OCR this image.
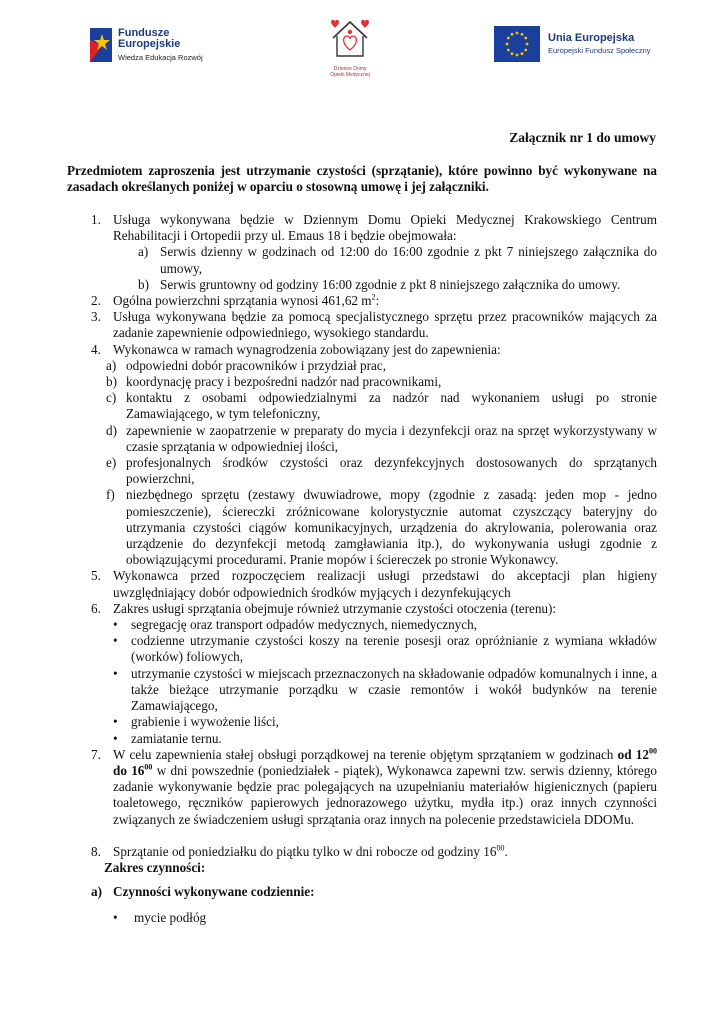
Fundusze
Europejskie
Wiedza Edukacja Rozwój
Dzienne Domy
Opieki Medycznej
Unia Europejska
Europejski Fundusz Społeczny
Załącznik nr 1 do umowy
Przedmiotem zaproszenia jest utrzymanie czystości (sprzątanie), które powinno być wykonywane na zasadach określanych poniżej w oparciu o stosowną umowę i jej załączniki.
1. Usługa wykonywana będzie w Dziennym Domu Opieki Medycznej Krakowskiego Centrum Rehabilitacji i Ortopedii przy ul. Emaus 18 i będzie obejmowała:
a) Serwis dzienny w godzinach od 12:00 do 16:00 zgodnie z pkt 7 niniejszego załącznika do umowy,
b) Serwis gruntowny od godziny 16:00 zgodnie z pkt 8 niniejszego załącznika do umowy.
2. Ogólna powierzchni sprzątania wynosi 461,62 $m^2$:
3. Usługa wykonywana będzie za pomocą specjalistycznego sprzętu przez pracowników mających za zadanie zapewnienie odpowiedniego, wysokiego standardu.
4. Wykonawca w ramach wynagrodzenia zobowiązany jest do zapewnienia:
a) odpowiedni dobór pracowników i przydział prac,
b) koordynację pracy i bezpośredni nadzór nad pracownikami,
c) kontaktu z osobami odpowiedzialnymi za nadzór nad wykonaniem usługi po stronie Zamawiającego, w tym telefoniczny,
d) zapewnienie w zaopatrzenie w preparaty do mycia i dezynfekcji oraz na sprzęt wykorzystywany w czasie sprzątania w odpowiedniej ilości,
e) profesjonalnych środków czystości oraz dezynfekcyjnych dostosowanych do sprzątanych powierzchni,
f) niezbędnego sprzętu (zestawy dwuwiadrowe, mopy (zgodnie z zasadą: jeden mop - jedno pomieszczenie), ściereczki zróżnicowane kolorystycznie automat czyszczący bateryjny do utrzymania czystości ciągów komunikacyjnych, urządzenia do akrylowania, polerowania oraz urządzenie do dezynfekcji metodą zamgławiania itp.), do wykonywania usługi zgodnie z obowiązującymi procedurami. Pranie mopów i ściereczek po stronie Wykonawcy.
5. Wykonawca przed rozpoczęciem realizacji usługi przedstawi do akceptacji plan higieny uwzględniający dobór odpowiednich środków myjących i dezynfekujących
6. Zakres usługi sprzątania obejmuje również utrzymanie czystości otoczenia (terenu):
• segregację oraz transport odpadów medycznych, niemedycznych,
• codzienne utrzymanie czystości koszy na terenie posesji oraz opróżnianie z wymiana wkładów (worków) foliowych,
• utrzymanie czystości w miejscach przeznaczonych na składowanie odpadów komunalnych i inne, a także bieżące utrzymanie porządku w czasie remontów i wokół budynków na terenie Zamawiającego,
• grabienie i wywożenie liści,
• zamiatanie ternu.
7. W celu zapewnienia stałej obsługi porządkowej na terenie objętym sprzątaniem w godzinach od $12^{00}$ do $16^{00}$ w dni powszednie (poniedziałek - piątek), Wykonawca zapewni tzw. serwis dzienny, którego zadanie wykonywanie będzie prac polegających na uzupełnianiu materiałów higienicznych (papieru toaletowego, ręczników papierowych jednorazowego użytku, mydła itp.) oraz innych czynności związanych ze świadczeniem usługi sprzątania oraz innych na polecenie przedstawiciela DDOMu.
8. Sprzątanie od poniedziałku do piątku tylko w dni robocze od godziny $16^{00}$.
Zakres czynności:
a) Czynności wykonywane codziennie:
• mycie podłóg
